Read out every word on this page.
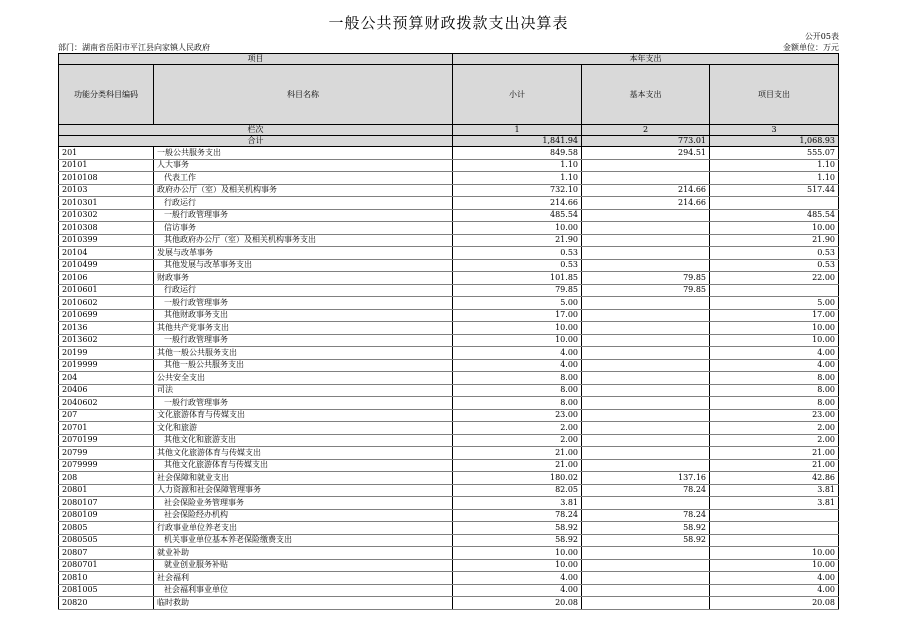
一般公共预算财政拨款支出决算表
公开05表
部门：湖南省岳阳市平江县向家镇人民政府	金额单位：万元
项目		本年支出		
功能分类科目编码	科目名称	小计	基本支出	项目支出
栏次		1	2	3
合计		1,841.94	773.01	1,068.93
201	一般公共服务支出	849.58	294.51	555.07
20101	人大事务	1.10		1.10
2010108	代表工作	1.10		1.10
20103	政府办公厅（室）及相关机构事务	732.10	214.66	517.44
2010301	行政运行	214.66	214.66	
2010302	一般行政管理事务	485.54		485.54
2010308	信访事务	10.00		10.00
2010399	其他政府办公厅（室）及相关机构事务支出	21.90		21.90
20104	发展与改革事务	0.53		0.53
2010499	其他发展与改革事务支出	0.53		0.53
20106	财政事务	101.85	79.85	22.00
2010601	行政运行	79.85	79.85	
2010602	一般行政管理事务	5.00		5.00
2010699	其他财政事务支出	17.00		17.00
20136	其他共产党事务支出	10.00		10.00
2013602	一般行政管理事务	10.00		10.00
20199	其他一般公共服务支出	4.00		4.00
2019999	其他一般公共服务支出	4.00		4.00
204	公共安全支出	8.00		8.00
20406	司法	8.00		8.00
2040602	一般行政管理事务	8.00		8.00
207	文化旅游体育与传媒支出	23.00		23.00
20701	文化和旅游	2.00		2.00
2070199	其他文化和旅游支出	2.00		2.00
20799	其他文化旅游体育与传媒支出	21.00		21.00
2079999	其他文化旅游体育与传媒支出	21.00		21.00
208	社会保障和就业支出	180.02	137.16	42.86
20801	人力资源和社会保障管理事务	82.05	78.24	3.81
2080107	社会保险业务管理事务	3.81		3.81
2080109	社会保险经办机构	78.24	78.24	
20805	行政事业单位养老支出	58.92	58.92	
2080505	机关事业单位基本养老保险缴费支出	58.92	58.92	
20807	就业补助	10.00		10.00
2080701	就业创业服务补贴	10.00		10.00
20810	社会福利	4.00		4.00
2081005	社会福利事业单位	4.00		4.00
20820	临时救助	20.08		20.08
